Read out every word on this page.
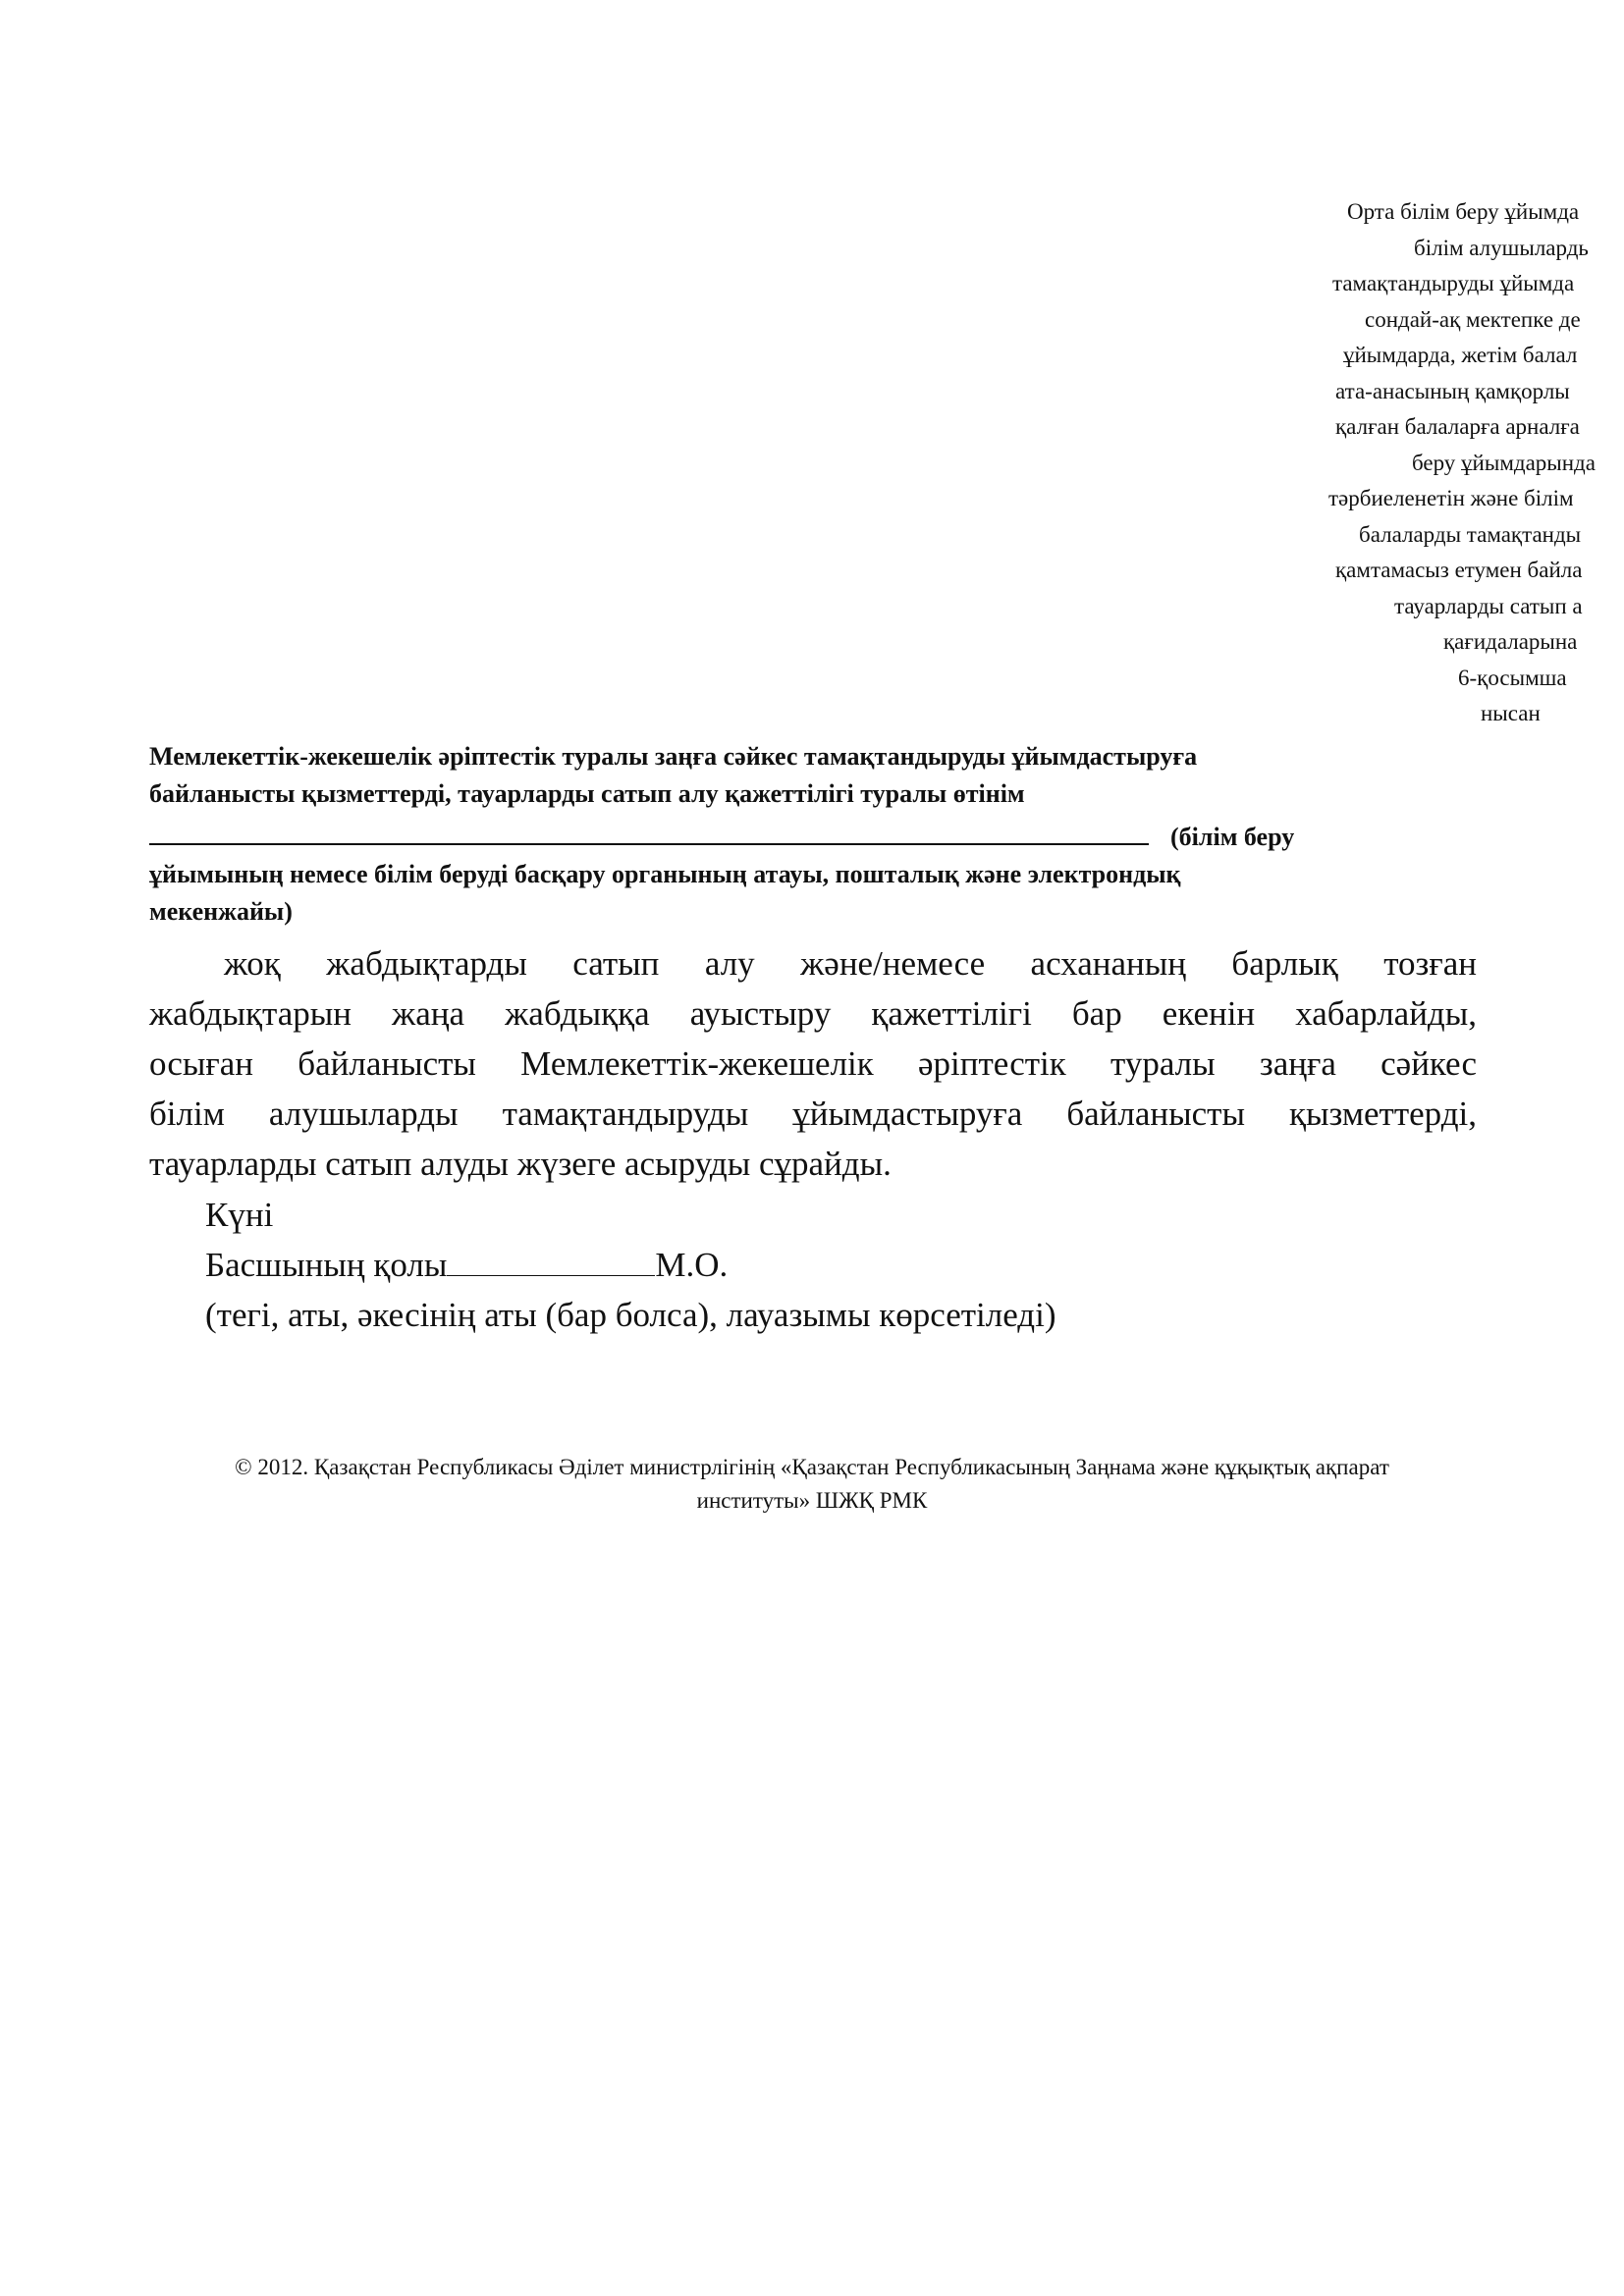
Орта білім беру ұйымда
білім алушылардь
тамақтандыруды ұйымда
сондай-ақ мектепке де
ұйымдарда, жетім балал
ата-анасының қамқорлы
қалған балаларға арналға
беру ұйымдарында
тәрбиеленетін және білім
балаларды тамақтанды
қамтамасыз етумен байла
тауарларды сатып а
қағидаларына
6-қосымша
нысан
Мемлекеттік-жекешелік әріптестік туралы заңға сәйкес тамақтандыруды ұйымдастыруға
байланысты қызметтерді, тауарларды сатып алу қажеттілігі туралы өтінім
(білім беру
ұйымының немесе білім беруді басқару органының атауы, пошталық және электрондық
мекенжайы)
жоқ жабдықтарды сатып алу және/немесе асхананың барлық тозған
жабдықтарын жаңа жабдыққа ауыстыру қажеттілігі бар екенін хабарлайды,
осыған байланысты Мемлекеттік-жекешелік әріптестік туралы заңға сәйкес
білім алушыларды тамақтандыруды ұйымдастыруға байланысты қызметтерді,
тауарларды сатып алуды жүзеге асыруды сұрайды.
Күні
Басшының қолы	М.О.
(тегі, аты, әкесінің аты (бар болса), лауазымы көрсетіледі)
© 2012. Қазақстан Республикасы Әділет министрлігінің «Қазақстан Республикасының Заңнама және құқықтық ақпарат
институты» ШЖҚ РМК
